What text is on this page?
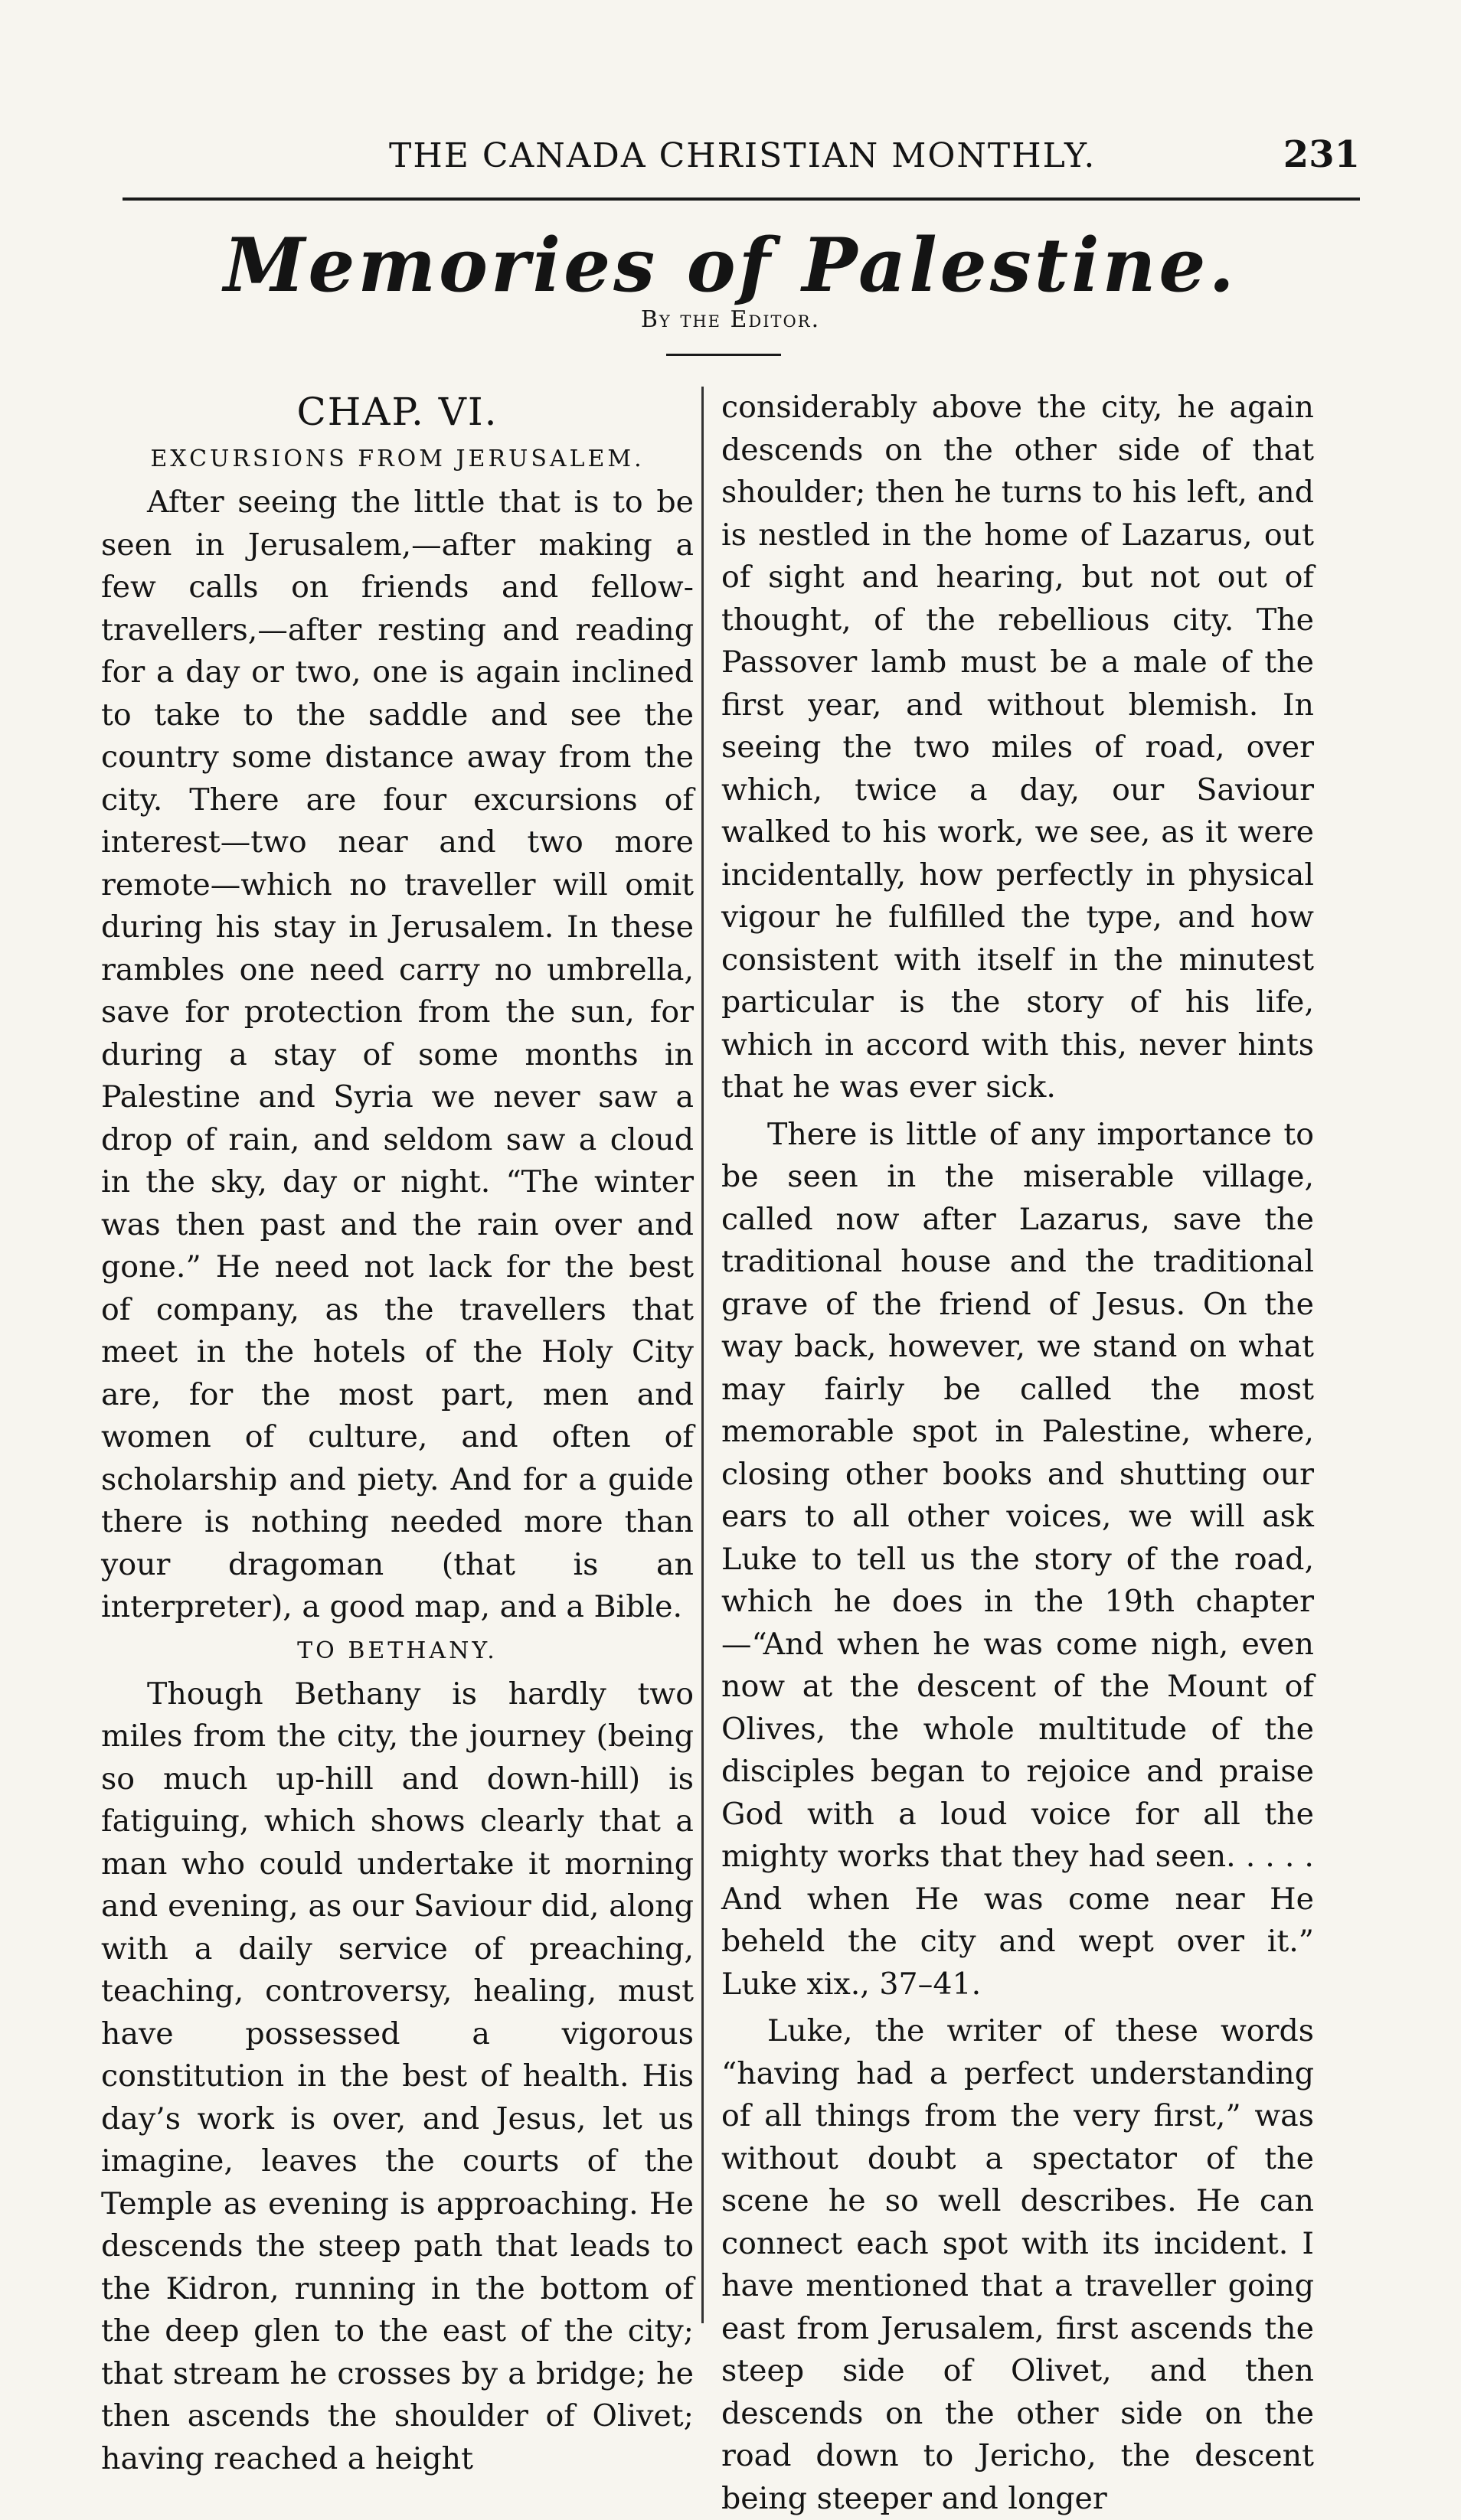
THE CANADA CHRISTIAN MONTHLY.	231
Memories of Palestine.
By the Editor.

CHAP. VI.

EXCURSIONS FROM JERUSALEM.

After seeing the little that is to be seen in Jerusalem,—after making a few calls on friends and fellow-travellers,—after resting and reading for a day or two, one is again inclined to take to the saddle and see the country some distance away from the city. There are four excursions of interest—two near and two more remote—which no traveller will omit during his stay in Jerusalem. In these rambles one need carry no umbrella, save for protection from the sun, for during a stay of some months in Palestine and Syria we never saw a drop of rain, and seldom saw a cloud in the sky, day or night. “The winter was then past and the rain over and gone.” He need not lack for the best of company, as the travellers that meet in the hotels of the Holy City are, for the most part, men and women of culture, and often of scholarship and piety. And for a guide there is nothing needed more than your dragoman (that is an interpreter), a good map, and a Bible.

TO BETHANY.

Though Bethany is hardly two miles from the city, the journey (being so much up-hill and down-hill) is fatiguing, which shows clearly that a man who could undertake it morning and evening, as our Saviour did, along with a daily service of preaching, teaching, controversy, healing, must have possessed a vigorous constitution in the best of health. His day’s work is over, and Jesus, let us imagine, leaves the courts of the Temple as evening is approaching. He descends the steep path that leads to the Kidron, running in the bottom of the deep glen to the east of the city; that stream he crosses by a bridge; he then ascends the shoulder of Olivet; having reached a height

considerably above the city, he again descends on the other side of that shoulder; then he turns to his left, and is nestled in the home of Lazarus, out of sight and hearing, but not out of thought, of the rebellious city. The Passover lamb must be a male of the first year, and without blemish. In seeing the two miles of road, over which, twice a day, our Saviour walked to his work, we see, as it were incidentally, how perfectly in physical vigour he fulfilled the type, and how consistent with itself in the minutest particular is the story of his life, which in accord with this, never hints that he was ever sick.

There is little of any importance to be seen in the miserable village, called now after Lazarus, save the traditional house and the traditional grave of the friend of Jesus. On the way back, however, we stand on what may fairly be called the most memorable spot in Palestine, where, closing other books and shutting our ears to all other voices, we will ask Luke to tell us the story of the road, which he does in the 19th chapter—“And when he was come nigh, even now at the descent of the Mount of Olives, the whole multitude of the disciples began to rejoice and praise God with a loud voice for all the mighty works that they had seen. . . . . And when He was come near He beheld the city and wept over it.” Luke xix., 37–41.

Luke, the writer of these words “having had a perfect understanding of all things from the very first,” was without doubt a spectator of the scene he so well describes. He can connect each spot with its incident. I have mentioned that a traveller going east from Jerusalem, first ascends the steep side of Olivet, and then descends on the other side on the road down to Jericho, the descent being steeper and longer
